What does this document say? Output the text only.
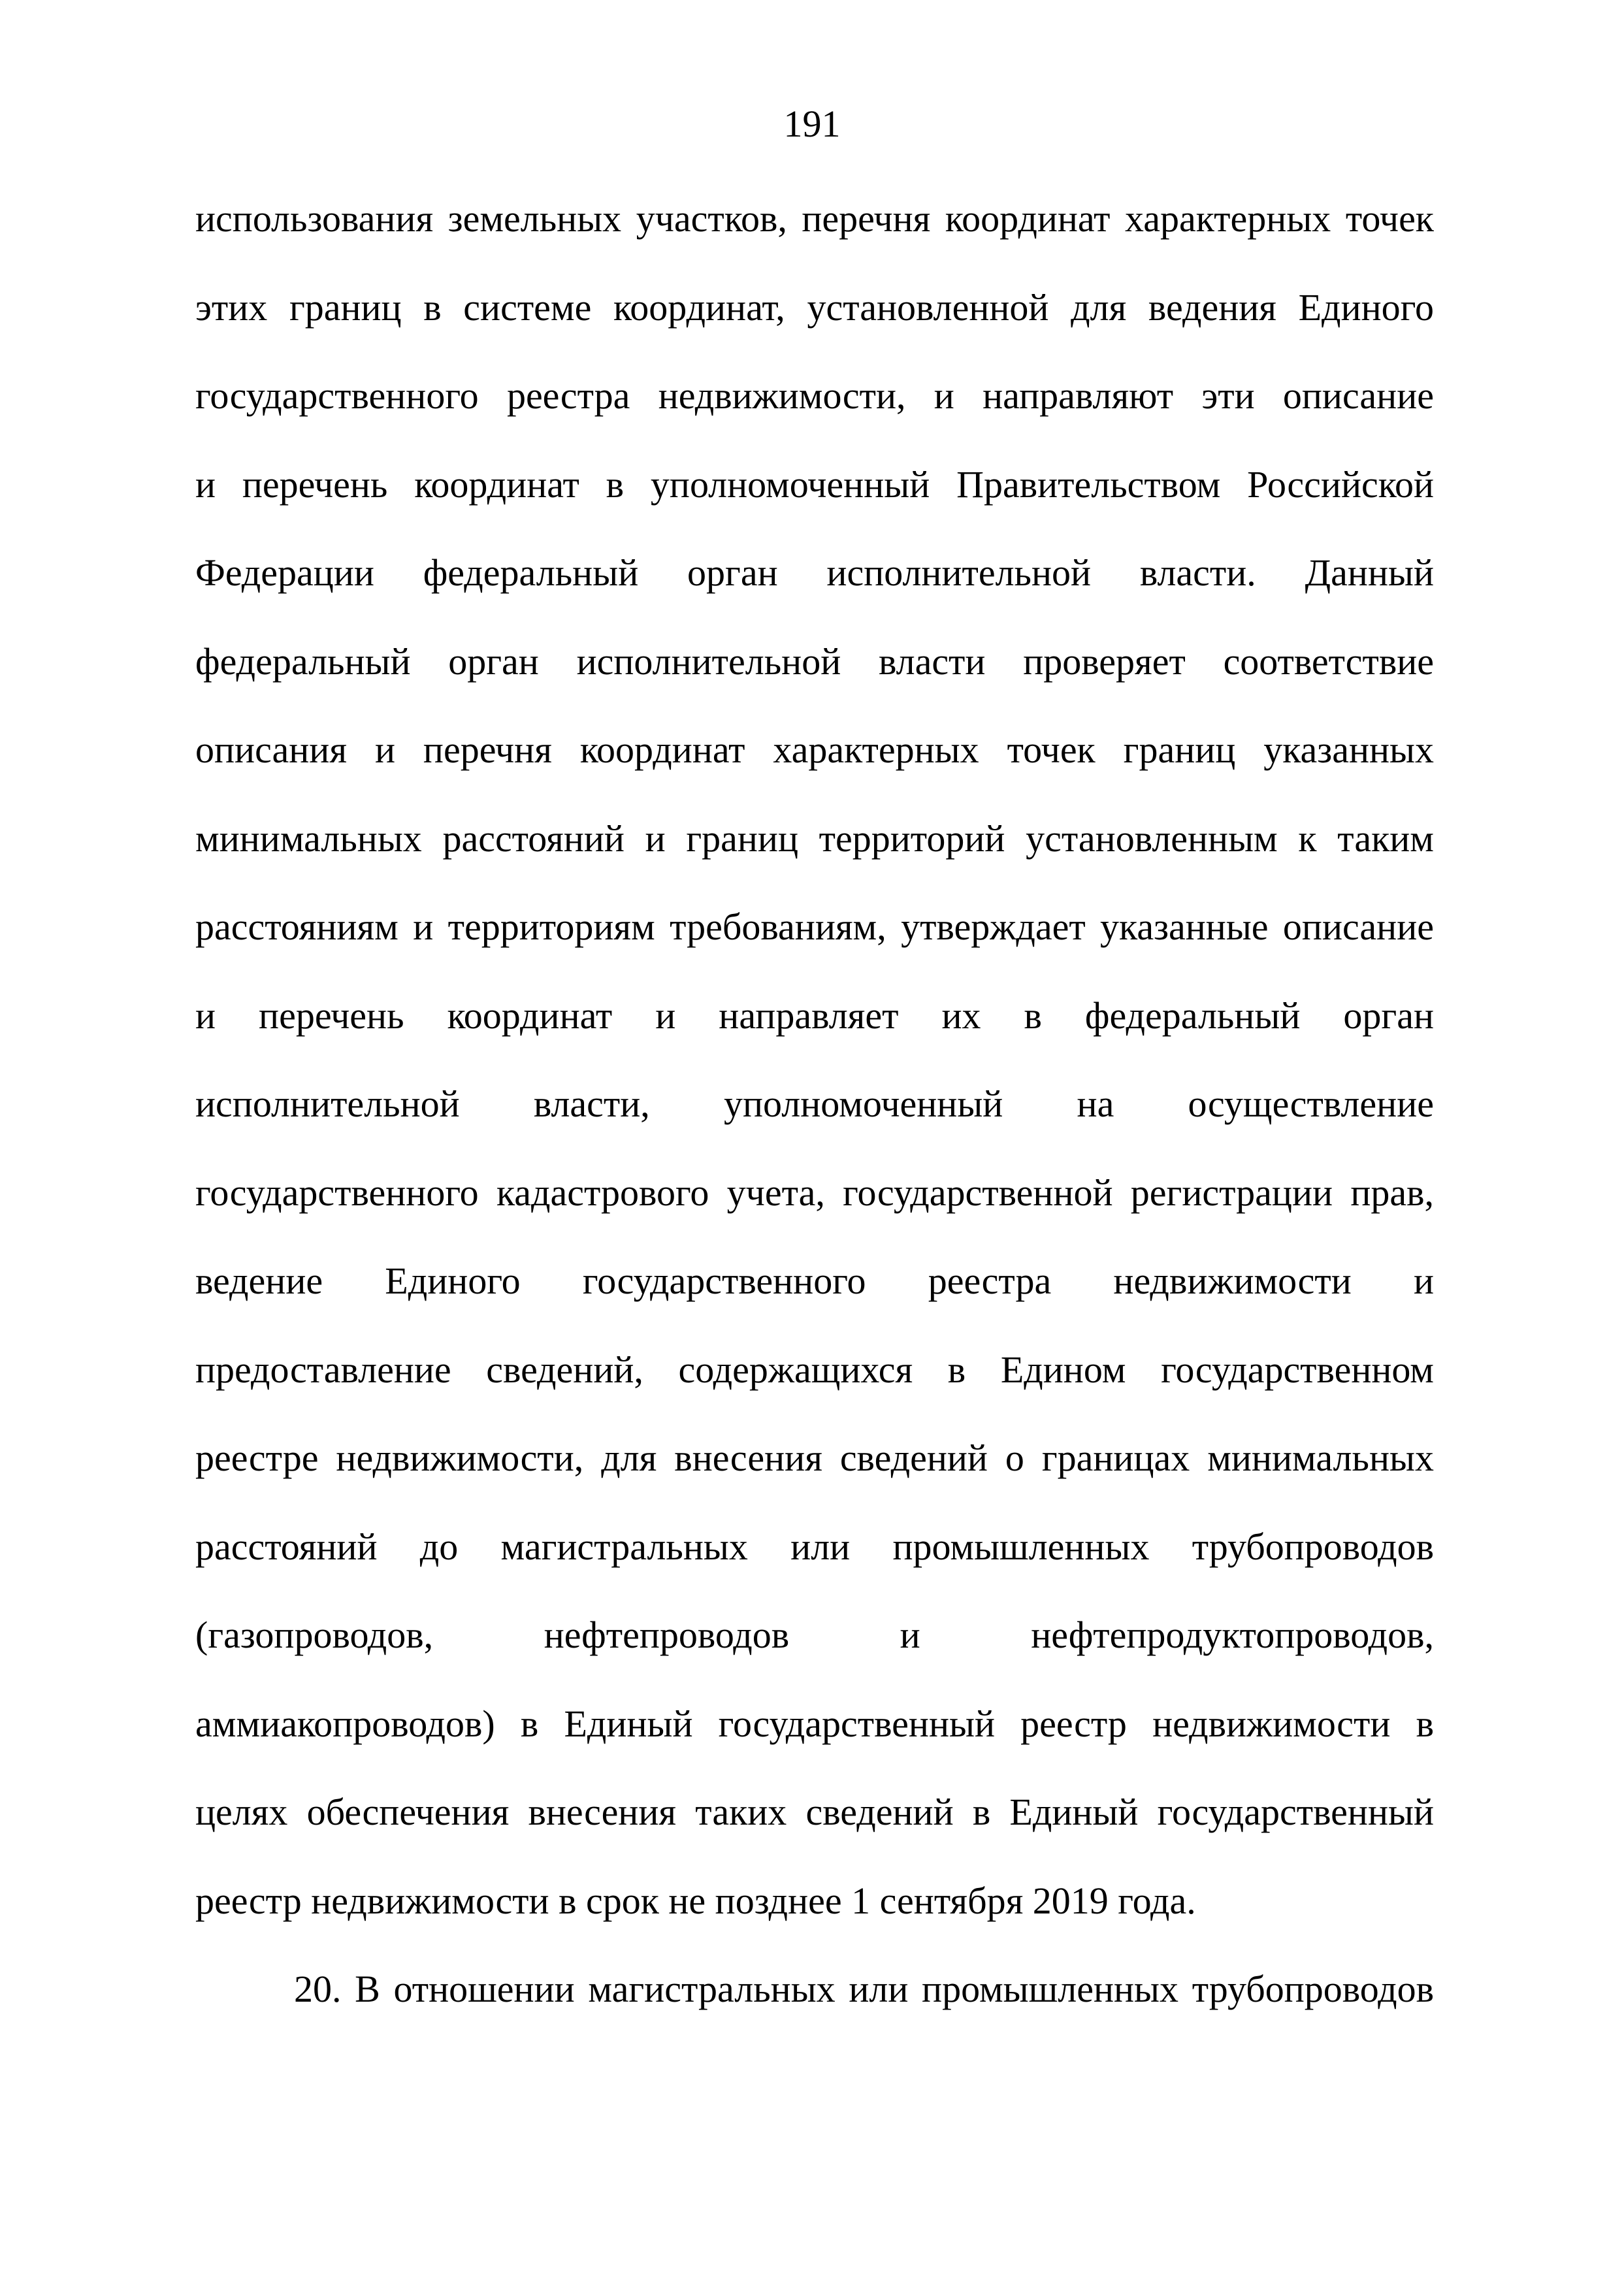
191
использования земельных участков, перечня координат характерных точек
этих границ в системе координат, установленной для ведения Единого
государственного реестра недвижимости, и направляют эти описание
и перечень координат в уполномоченный Правительством Российской
Федерации федеральный орган исполнительной власти. Данный
федеральный орган исполнительной власти проверяет соответствие
описания и перечня координат характерных точек границ указанных
минимальных расстояний и границ территорий установленным к таким
расстояниям и территориям требованиям, утверждает указанные описание
и перечень координат и направляет их в федеральный орган
исполнительной власти, уполномоченный на осуществление
государственного кадастрового учета, государственной регистрации прав,
ведение Единого государственного реестра недвижимости и
предоставление сведений, содержащихся в Едином государственном
реестре недвижимости, для внесения сведений о границах минимальных
расстояний до магистральных или промышленных трубопроводов
(газопроводов, нефтепроводов и нефтепродуктопроводов,
аммиакопроводов) в Единый государственный реестр недвижимости в
целях обеспечения внесения таких сведений в Единый государственный
реестр недвижимости в срок не позднее 1 сентября 2019 года.
20. В отношении магистральных или промышленных трубопроводов
